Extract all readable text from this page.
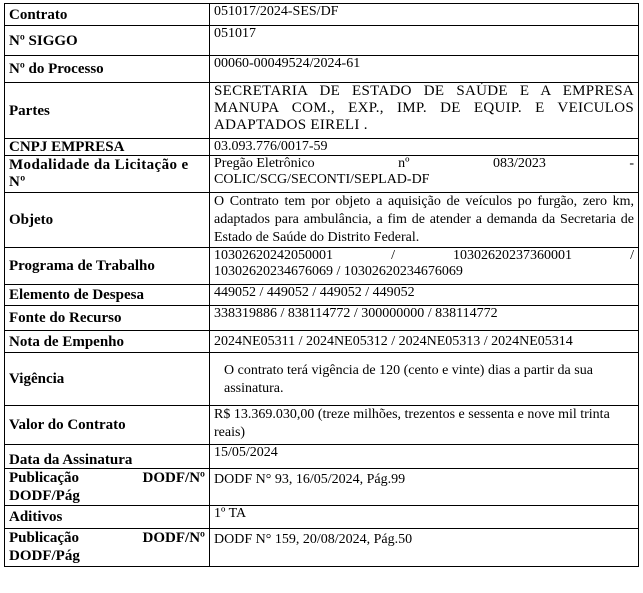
Contrato	051017/2024-SES/DF
Nº SIGGO	051017
Nº do Processo	00060-00049524/2024-61
Partes	SECRETARIA DE ESTADO DE SAÚDE E A EMPRESA MANUPA COM., EXP., IMP. DE EQUIP. E VEICULOS ADAPTADOS EIRELI .
CNPJ EMPRESA	03.093.776/0017-59
Modalidade da Licitação e Nº	Pregão Eletrônico nº 083/2023 -
COLIC/SCG/SECONTI/SEPLAD-DF

Objeto	O Contrato tem por objeto a aquisição de veículos po furgão, zero km, adaptados para ambulância, a fim de atender a demanda da Secretaria de Estado de Saúde do Distrito Federal.
Programa de Trabalho	10302620242050001 / 10302620237360001 /
10302620234676069 / 10302620234676069

Elemento de Despesa	449052 / 449052 / 449052 / 449052
Fonte do Recurso	338319886 / 838114772 / 300000000 / 838114772
Nota de Empenho	2024NE05311 / 2024NE05312 / 2024NE05313 / 2024NE05314
Vigência	O contrato terá vigência de 120 (cento e vinte) dias a partir da sua assinatura.

Valor do Contrato	R$ 13.369.030,00 (treze milhões, trezentos e sessenta e nove mil trinta reais)
Data da Assinatura	15/05/2024

Publicação DODF/Nº
DODF/Pág	DODF N° 93, 16/05/2024, Pág.99
Aditivos	1º TA

Publicação DODF/Nº
DODF/Pág	DODF N° 159, 20/08/2024, Pág.50
